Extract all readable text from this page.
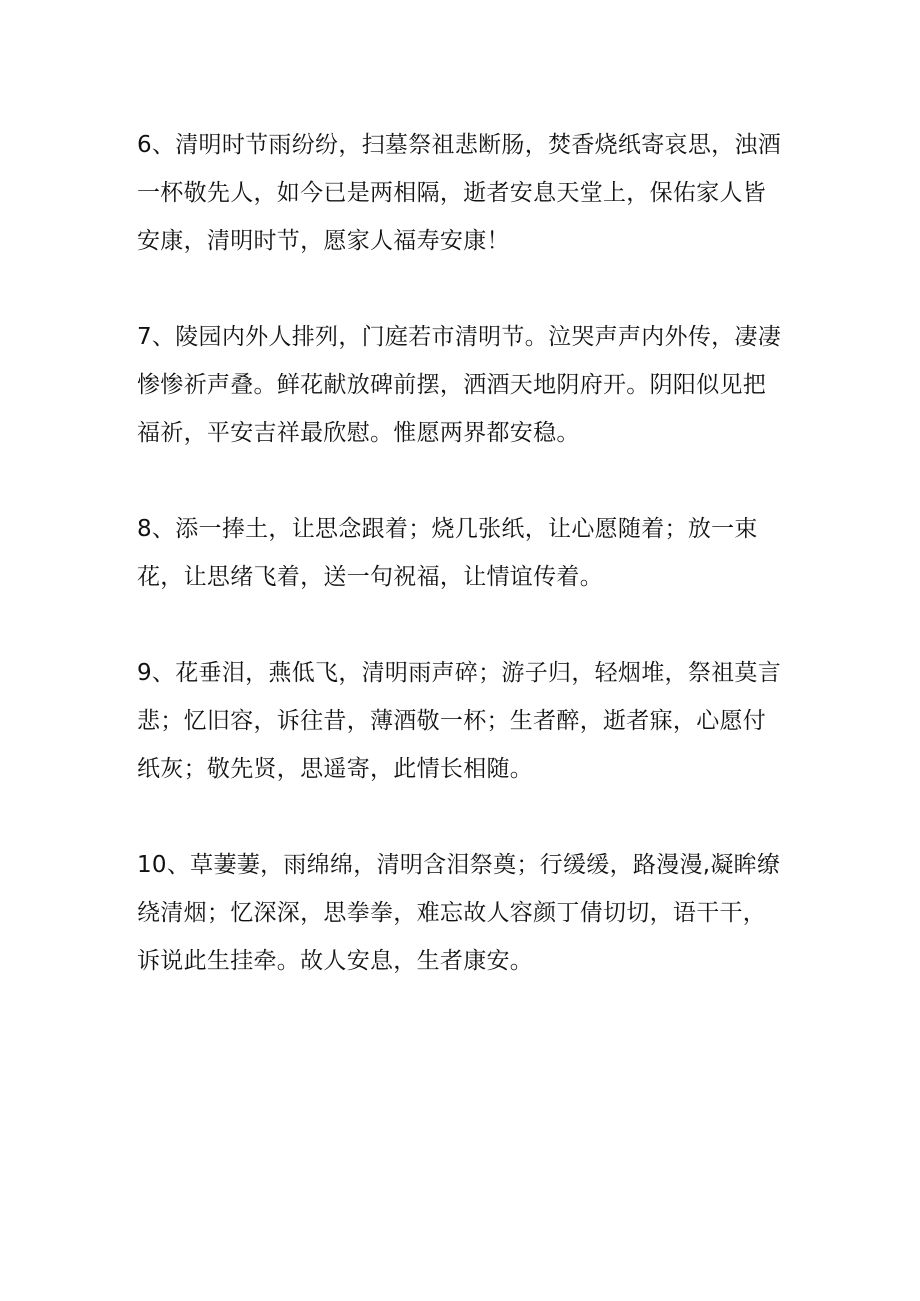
6、清明时节雨纷纷，扫墓祭祖悲断肠，焚香烧纸寄哀思，浊酒一杯敬先人，如今已是两相隔，逝者安息天堂上，保佑家人皆安康，清明时节，愿家人福寿安康！

7、陵园内外人排列，门庭若市清明节。泣哭声声内外传，凄凄惨惨祈声叠。鲜花献放碑前摆，洒酒天地阴府开。阴阳似见把福祈，平安吉祥最欣慰。惟愿两界都安稳。

8、添一捧土，让思念跟着；烧几张纸，让心愿随着；放一束花，让思绪飞着，送一句祝福，让情谊传着。

9、花垂泪，燕低飞，清明雨声碎；游子归，轻烟堆，祭祖莫言悲；忆旧容，诉往昔，薄酒敬一杯；生者醉，逝者寐，心愿付纸灰；敬先贤，思遥寄，此情长相随。

10、草萋萋，雨绵绵，清明含泪祭奠；行缓缓，路漫漫,凝眸缭绕清烟；忆深深，思拳拳，难忘故人容颜丁倩切切，语干干，诉说此生挂牵。故人安息，生者康安。
